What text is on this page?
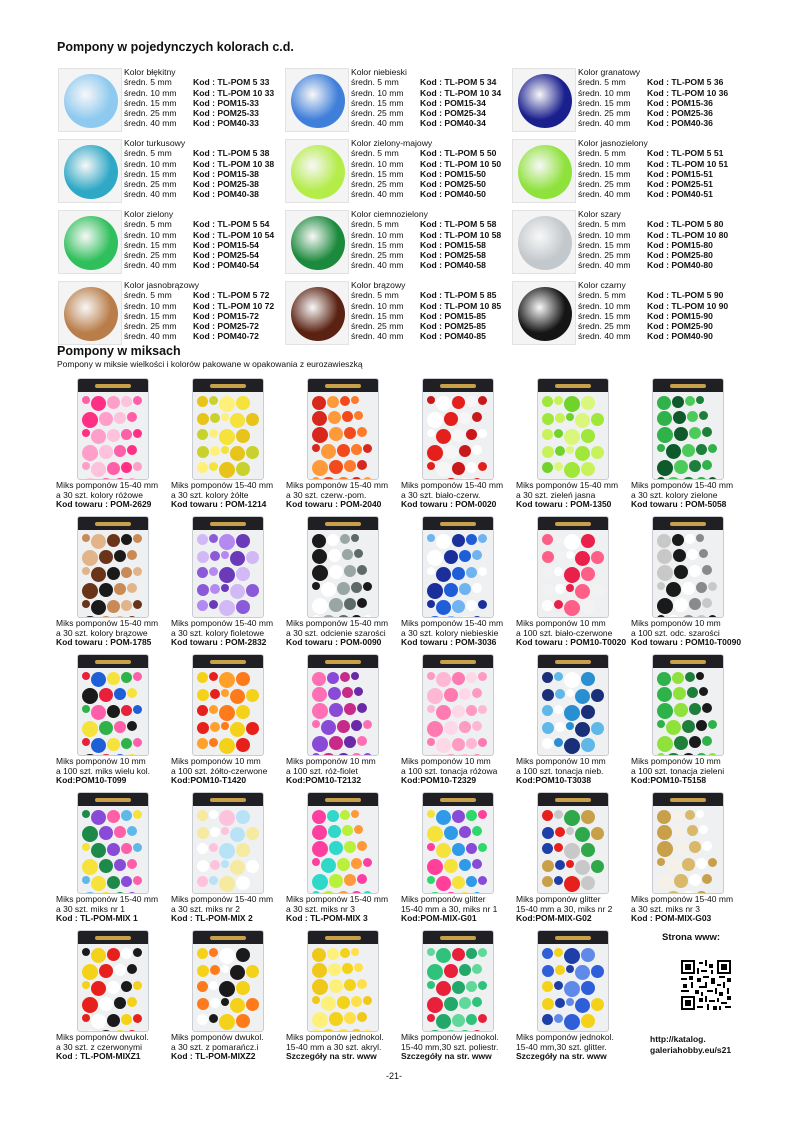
Pompony w pojedynczych kolorach c.d.
Kolor błękitny
średn. 5 mm	Kod : TL-POM 5 33
średn. 10 mm	Kod : TL-POM 10 33
średn. 15 mm	Kod : POM15-33
średn. 25 mm	Kod : POM25-33
średn. 40 mm	Kod : POM40-33
Kolor niebieski
średn. 5 mm	Kod : TL-POM 5 34
średn. 10 mm	Kod : TL-POM 10 34
średn. 15 mm	Kod : POM15-34
średn. 25 mm	Kod : POM25-34
średn. 40 mm	Kod : POM40-34
Kolor granatowy
średn. 5 mm	Kod : TL-POM 5 36
średn. 10 mm	Kod : TL-POM 10 36
średn. 15 mm	Kod : POM15-36
średn. 25 mm	Kod : POM25-36
średn. 40 mm	Kod : POM40-36
Kolor turkusowy
średn. 5 mm	Kod : TL-POM 5 38
średn. 10 mm	Kod : TL-POM 10 38
średn. 15 mm	Kod : POM15-38
średn. 25 mm	Kod : POM25-38
średn. 40 mm	Kod : POM40-38
Kolor zielony-majowy
średn. 5 mm	Kod : TL-POM 5 50
średn. 10 mm	Kod : TL-POM 10 50
średn. 15 mm	Kod : POM15-50
średn. 25 mm	Kod : POM25-50
średn. 40 mm	Kod : POM40-50
Kolor jasnozielony
średn. 5 mm	Kod : TL-POM 5 51
średn. 10 mm	Kod : TL-POM 10 51
średn. 15 mm	Kod : POM15-51
średn. 25 mm	Kod : POM25-51
średn. 40 mm	Kod : POM40-51
Kolor zielony
średn. 5 mm	Kod : TL-POM 5 54
średn. 10 mm	Kod : TL-POM 10 54
średn. 15 mm	Kod : POM15-54
średn. 25 mm	Kod : POM25-54
średn. 40 mm	Kod : POM40-54
Kolor ciemnozielony
średn. 5 mm	Kod : TL-POM 5 58
średn. 10 mm	Kod : TL-POM 10 58
średn. 15 mm	Kod : POM15-58
średn. 25 mm	Kod : POM25-58
średn. 40 mm	Kod : POM40-58
Kolor szary
średn. 5 mm	Kod : TL-POM 5 80
średn. 10 mm	Kod : TL-POM 10 80
średn. 15 mm	Kod : POM15-80
średn. 25 mm	Kod : POM25-80
średn. 40 mm	Kod : POM40-80
Kolor jasnobrązowy
średn. 5 mm	Kod : TL-POM 5 72
średn. 10 mm	Kod : TL-POM 10 72
średn. 15 mm	Kod : POM15-72
średn. 25 mm	Kod : POM25-72
średn. 40 mm	Kod : POM40-72
Kolor brązowy
średn. 5 mm	Kod : TL-POM 5 85
średn. 10 mm	Kod : TL-POM 10 85
średn. 15 mm	Kod : POM15-85
średn. 25 mm	Kod : POM25-85
średn. 40 mm	Kod : POM40-85
Kolor czarny
średn. 5 mm	Kod : TL-POM 5 90
średn. 10 mm	Kod : TL-POM 10 90
średn. 15 mm	Kod : POM15-90
średn. 25 mm	Kod : POM25-90
średn. 40 mm	Kod : POM40-90
Pompony w miksach
Pompony w miksie wielkości i kolorów pakowane w opakowania z eurozawieszką
Miks pomponów 15-40 mm
a 30 szt. kolory różowe
Kod towaru : POM-2629
Miks pomponów 15-40 mm
a 30 szt. kolory żółte
Kod towaru : POM-1214
Miks pomponów 15-40 mm
a 30 szt. czerw.-pom.
Kod towaru : POM-2040
Miks pomponów 15-40 mm
a 30 szt. biało-czerw.
Kod towaru : POM-0020
Miks pomponów 15-40 mm
a 30 szt. zieleń jasna
Kod towaru : POM-1350
Miks pomponów 15-40 mm
a 30 szt. kolory zielone
Kod towaru : POM-5058
Miks pomponów 15-40 mm
a 30 szt. kolory brązowe
Kod towaru : POM-1785
Miks pomponów 15-40 mm
a 30 szt. kolory fioletowe
Kod towaru : POM-2832
Miks pomponów 15-40 mm
a 30 szt. odcienie szarości
Kod towaru : POM-0090
Miks pomponów 15-40 mm
a 30 szt. kolory niebieskie
Kod towaru : POM-3036
Miks pomponów 10 mm
a 100 szt. biało-czerwone
Kod towaru : POM10-T0020
Miks pomponów 10 mm
a 100 szt. odc. szarości
Kod towaru : POM10-T0090
Miks pomponów 10 mm
a 100 szt. miks wielu kol.
Kod:POM10-T099
Miks pomponów 10 mm
a 100 szt. żółto-czerwone
Kod:POM10-T1420
Miks pomponów 10 mm
a 100 szt. róż-fiolet
Kod:POM10-T2132
Miks pomponów 10 mm
a 100 szt. tonacja różowa
Kod:POM10-T2329
Miks pomponów 10 mm
a 100 szt. tonacja nieb.
Kod:POM10-T3038
Miks pomponów 10 mm
a 100 szt. tonacja zieleni
Kod:POM10-T5158
Miks pomponów 15-40 mm
a 30 szt. miks nr 1
Kod : TL-POM-MIX 1
Miks pomponów 15-40 mm
a 30 szt. miks nr 2
Kod : TL-POM-MIX 2
Miks pomponów 15-40 mm
a 30 szt. miks nr 3
Kod : TL-POM-MIX 3
Miks pomponów glitter
15-40 mm a 30, miks nr 1
Kod:POM-MIX-G01
Miks pomponów glitter
15-40 mm a 30, miks nr 2
Kod:POM-MIX-G02
Miks pomponów 15-40 mm
a 30 szt. miks nr 3
Kod : POM-MIX-G03
Miks pomponów dwukol.
a 30 szt. z czerwonymi
Kod : TL-POM-MIXZ1
Miks pomponów dwukol.
a 30 szt. z pomarańcz.i
Kod : TL-POM-MIXZ2
Miks pomponów jednokol.
15-40 mm a 30 szt. akryl.
Szczegóły na str. www
Miks pomponów jednokol.
15-40 mm,30 szt. poliestr.
Szczegóły na str. www
Miks pomponów jednokol.
15-40 mm,30 szt. glitter.
Szczegóły na str. www
Strona www:
http://katalog.
galeriahobby.eu/s21
-21-
